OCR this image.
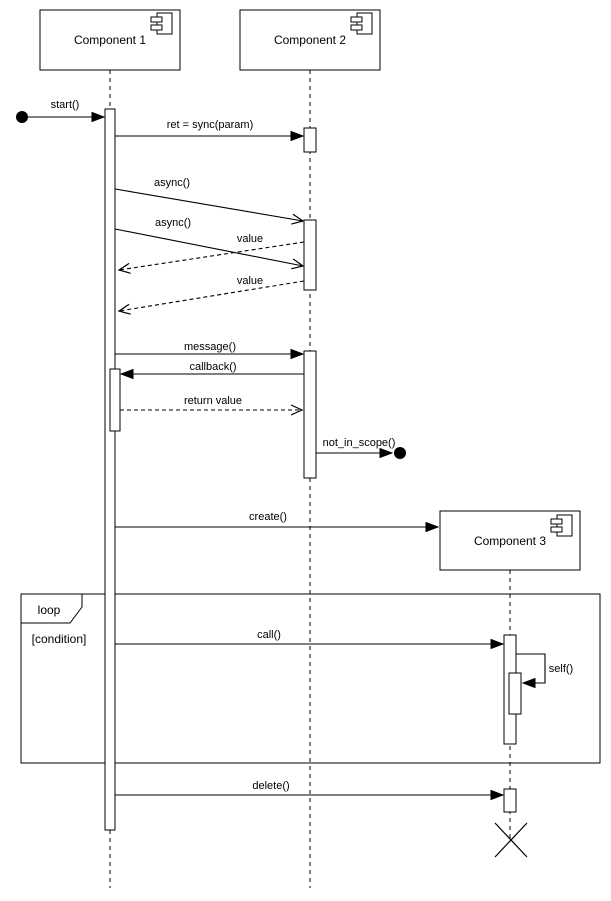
loop
[condition]
start()
ret = sync(param)
async()
async()
value
value
message()
callback()
return value
not_in_scope()
create()
call()
self()
delete()
Component 1	Component 2
Component 3
